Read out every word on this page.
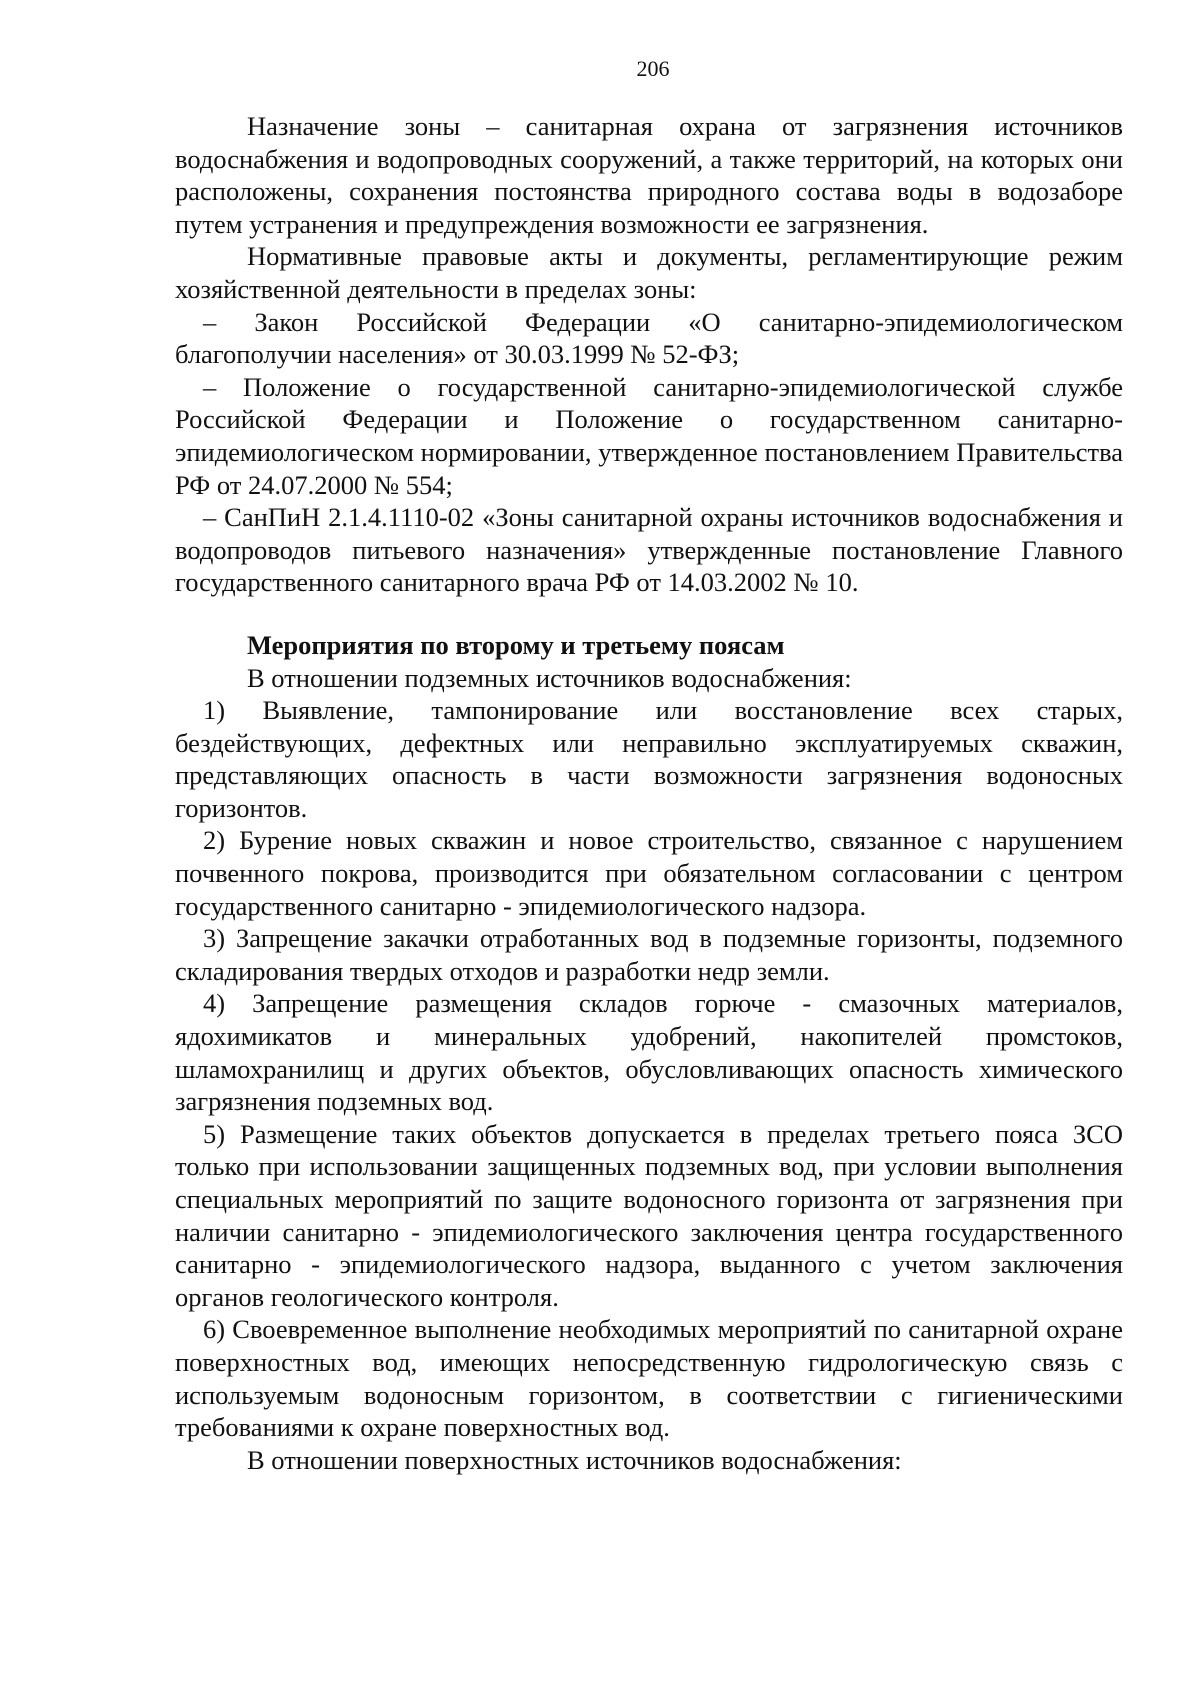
206

Назначение зоны – санитарная охрана от загрязнения источников водоснабжения и водопроводных сооружений, а также территорий, на которых они расположены, сохранения постоянства природного состава воды в водозаборе путем устранения и предупреждения возможности ее загрязнения.

Нормативные правовые акты и документы, регламентирующие режим хозяйственной деятельности в пределах зоны:

– Закон Российской Федерации «О санитарно-эпидемиологическом благополучии населения» от 30.03.1999 № 52-ФЗ;

– Положение о государственной санитарно-эпидемиологической службе Российской Федерации и Положение о государственном санитарно-эпидемиологическом нормировании, утвержденное постановлением Правительства РФ от 24.07.2000 № 554;

– СанПиН 2.1.4.1110-02 «Зоны санитарной охраны источников водоснабжения и водопроводов питьевого назначения» утвержденные постановление Главного государственного санитарного врача РФ от 14.03.2002 № 10.

Мероприятия по второму и третьему поясам

В отношении подземных источников водоснабжения:

1) Выявление, тампонирование или восстановление всех старых, бездействующих, дефектных или неправильно эксплуатируемых скважин, представляющих опасность в части возможности загрязнения водоносных горизонтов.

2) Бурение новых скважин и новое строительство, связанное с нарушением почвенного покрова, производится при обязательном согласовании с центром государственного санитарно - эпидемиологического надзора.

3) Запрещение закачки отработанных вод в подземные горизонты, подземного складирования твердых отходов и разработки недр земли.

4) Запрещение размещения складов горюче - смазочных материалов, ядохимикатов и минеральных удобрений, накопителей промстоков, шламохранилищ и других объектов, обусловливающих опасность химического загрязнения подземных вод.

5) Размещение таких объектов допускается в пределах третьего пояса ЗСО только при использовании защищенных подземных вод, при условии выполнения специальных мероприятий по защите водоносного горизонта от загрязнения при наличии санитарно - эпидемиологического заключения центра государственного санитарно - эпидемиологического надзора, выданного с учетом заключения органов геологического контроля.

6) Своевременное выполнение необходимых мероприятий по санитарной охране поверхностных вод, имеющих непосредственную гидрологическую связь с используемым водоносным горизонтом, в соответствии с гигиеническими требованиями к охране поверхностных вод.

В отношении поверхностных источников водоснабжения:
